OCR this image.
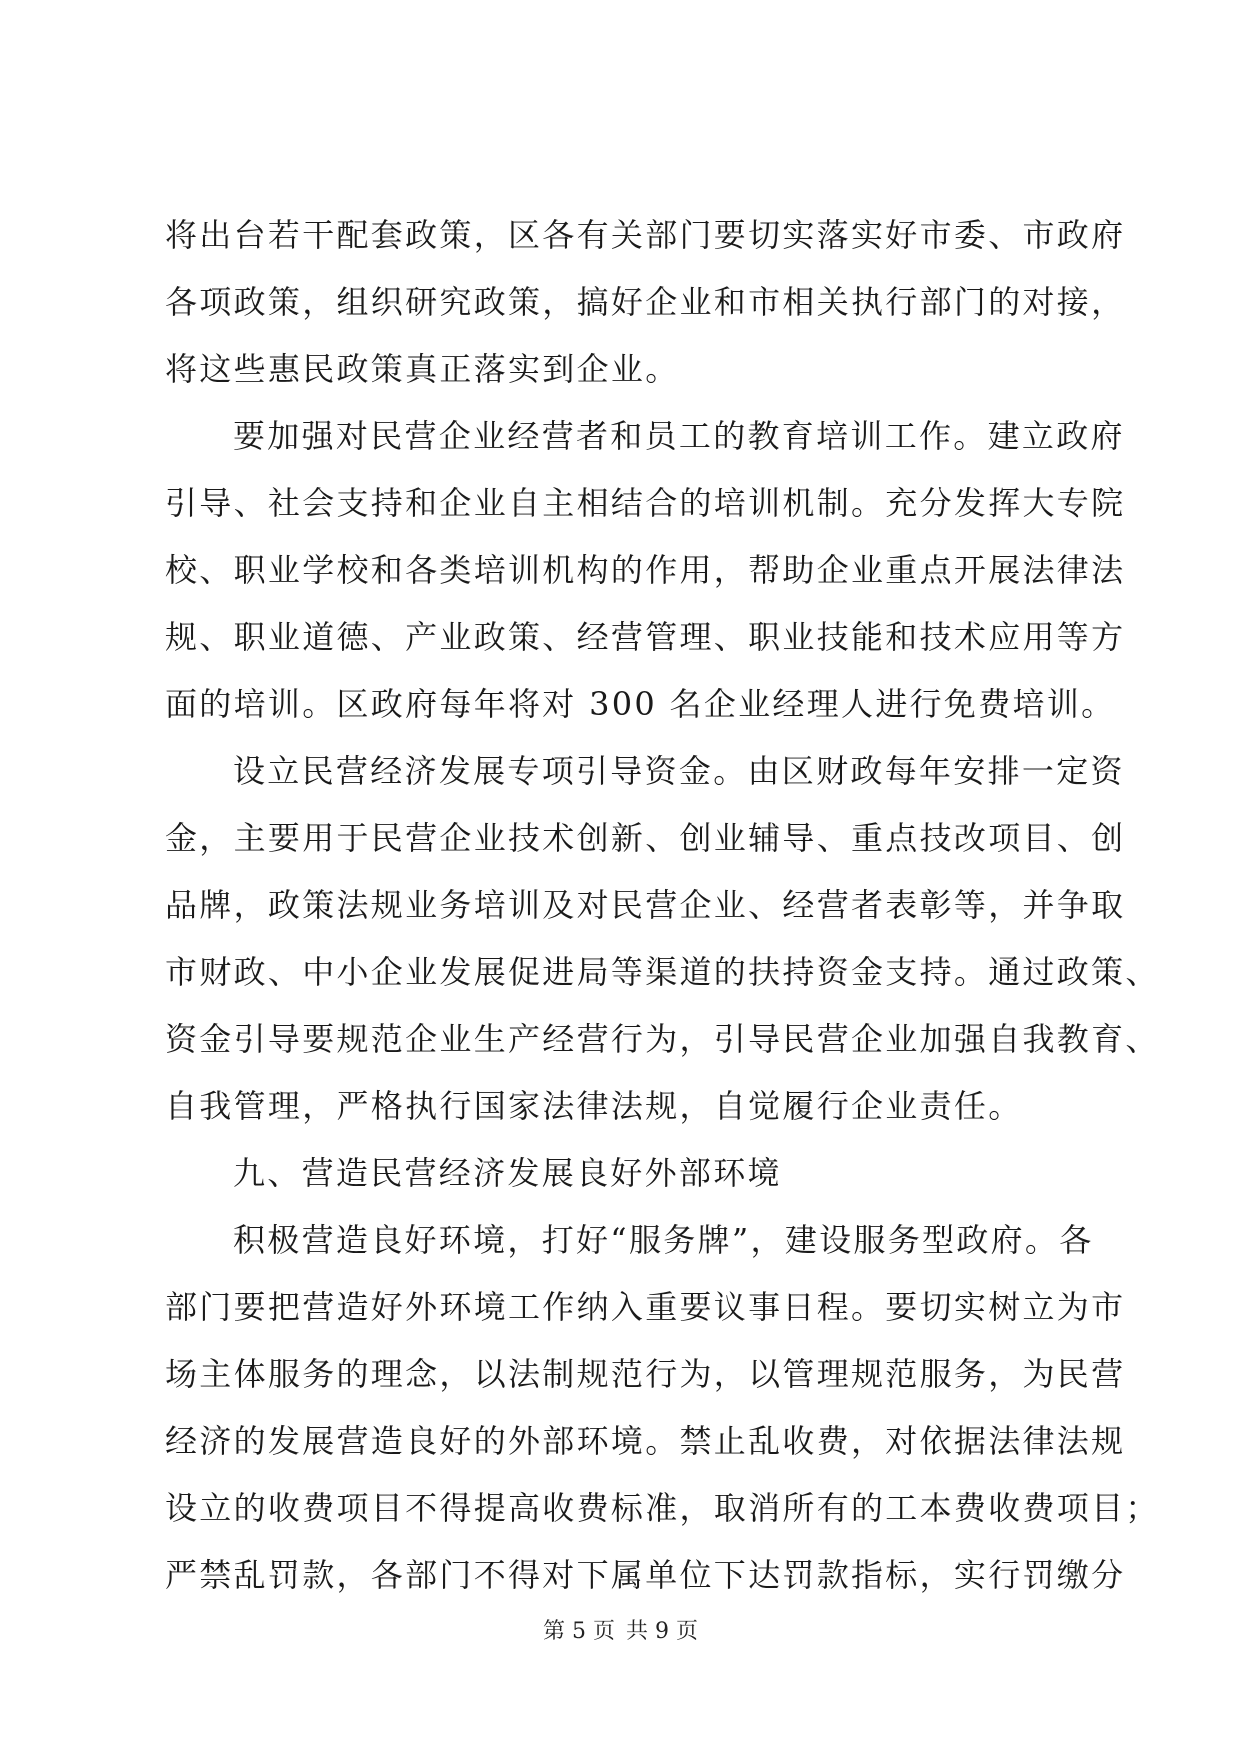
将出台若干配套政策，区各有关部门要切实落实好市委、市政府
各项政策，组织研究政策，搞好企业和市相关执行部门的对接，
将这些惠民政策真正落实到企业。
要加强对民营企业经营者和员工的教育培训工作。建立政府
引导、社会支持和企业自主相结合的培训机制。充分发挥大专院
校、职业学校和各类培训机构的作用，帮助企业重点开展法律法
规、职业道德、产业政策、经营管理、职业技能和技术应用等方
面的培训。区政府每年将对 300 名企业经理人进行免费培训。
设立民营经济发展专项引导资金。由区财政每年安排一定资
金，主要用于民营企业技术创新、创业辅导、重点技改项目、创
品牌，政策法规业务培训及对民营企业、经营者表彰等，并争取
市财政、中小企业发展促进局等渠道的扶持资金支持。通过政策、
资金引导要规范企业生产经营行为，引导民营企业加强自我教育、
自我管理，严格执行国家法律法规，自觉履行企业责任。
九、营造民营经济发展良好外部环境
积极营造良好环境，打好“服务牌”，建设服务型政府。各
部门要把营造好外环境工作纳入重要议事日程。要切实树立为市
场主体服务的理念，以法制规范行为，以管理规范服务，为民营
经济的发展营造良好的外部环境。禁止乱收费，对依据法律法规
设立的收费项目不得提高收费标准，取消所有的工本费收费项目；
严禁乱罚款，各部门不得对下属单位下达罚款指标，实行罚缴分
第 5 页 共 9 页
